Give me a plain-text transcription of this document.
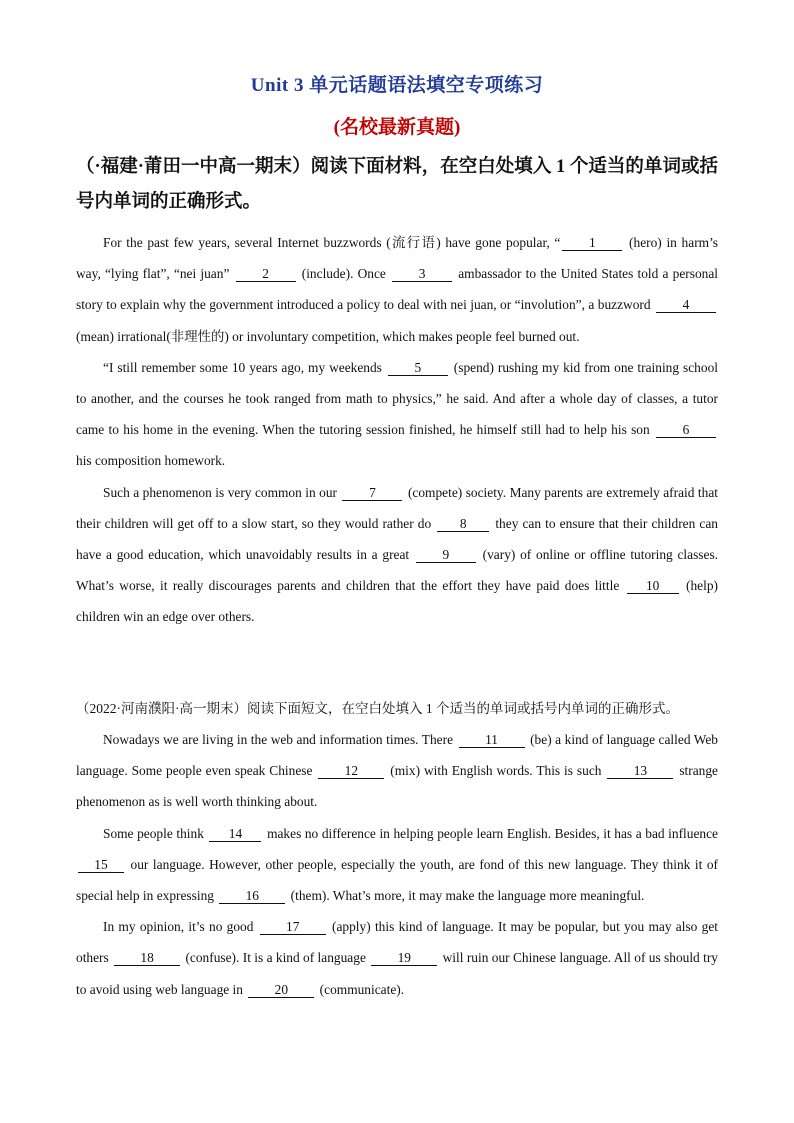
Unit 3 单元话题语法填空专项练习
(名校最新真题)
（·福建·莆田一中高一期末）阅读下面材料，在空白处填入 1 个适当的单词或括号内单词的正确形式。

For the past few years, several Internet buzzwords (流行语) have gone popular, “ 1 (hero) in harm’s way, “lying flat”, “nei juan” 2 (include). Once 3 ambassador to the United States told a personal story to explain why the government introduced a policy to deal with nei juan, or “involution”, a buzzword 4 (mean) irrational(非理性的) or involuntary competition, which makes people feel burned out.

“I still remember some 10 years ago, my weekends 5 (spend) rushing my kid from one training school to another, and the courses he took ranged from math to physics,” he said. And after a whole day of classes, a tutor came to his home in the evening. When the tutoring session finished, he himself still had to help his son 6 his composition homework.

Such a phenomenon is very common in our 7 (compete) society. Many parents are extremely afraid that their children will get off to a slow start, so they would rather do 8 they can to ensure that their children can have a good education, which unavoidably results in a great 9 (vary) of online or offline tutoring classes. What’s worse, it really discourages parents and children that the effort they have paid does little 10 (help) children win an edge over others.

（2022·河南濮阳·高一期末）阅读下面短文，在空白处填入 1 个适当的单词或括号内单词的正确形式。

Nowadays we are living in the web and information times. There 11 (be) a kind of language called Web language. Some people even speak Chinese 12 (mix) with English words. This is such 13 strange phenomenon as is well worth thinking about.

Some people think 14 makes no difference in helping people learn English. Besides, it has a bad influence 15 our language. However, other people, especially the youth, are fond of this new language. They think it of special help in expressing 16 (them). What’s more, it may make the language more meaningful.

In my opinion, it’s no good 17 (apply) this kind of language. It may be popular, but you may also get others 18 (confuse). It is a kind of language 19 will ruin our Chinese language. All of us should try to avoid using web language in 20 (communicate).
